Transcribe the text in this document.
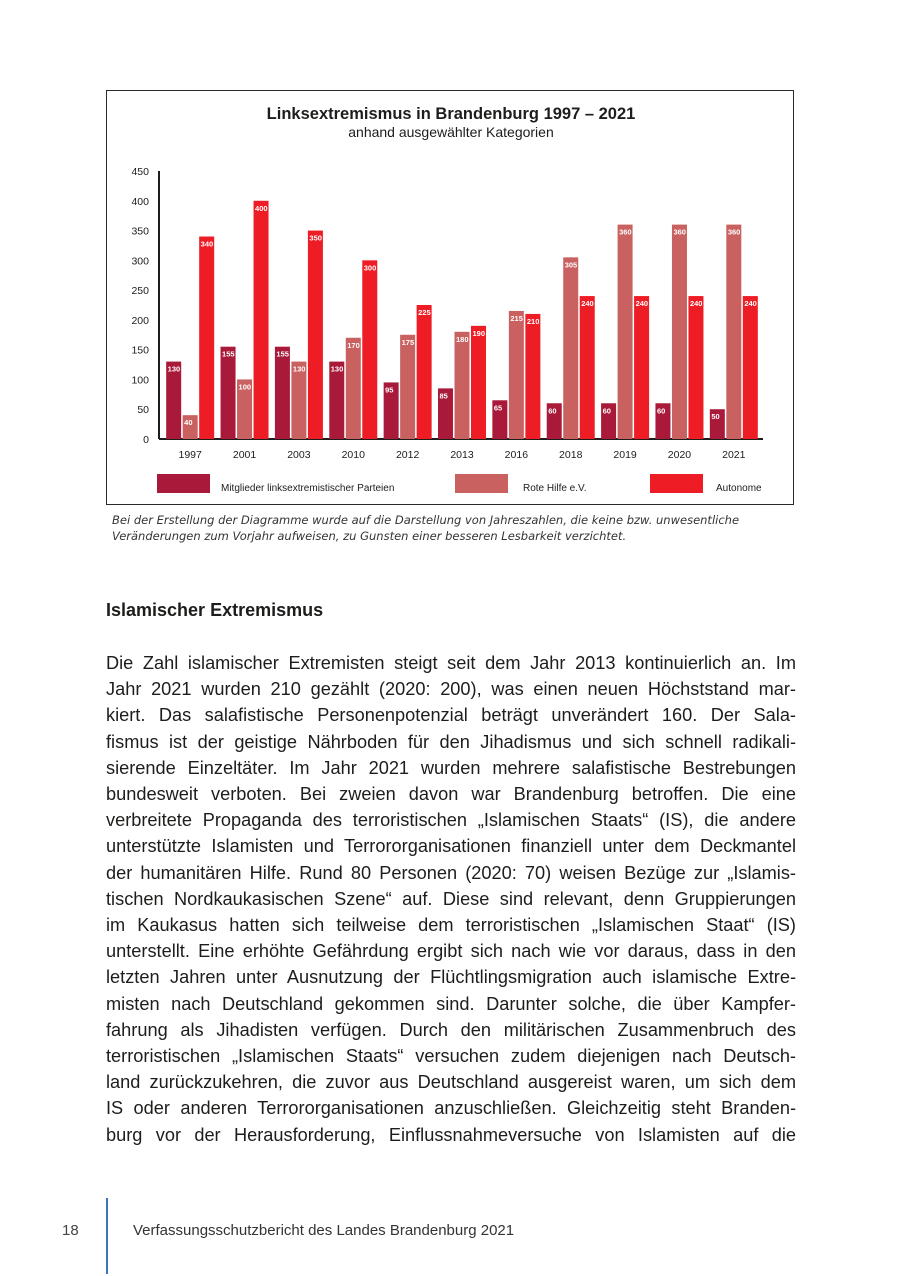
Linksextremismus in Brandenburg 1997 – 2021
anhand ausgewählter Kategorien
0
50
100
150
200
250
300
350
400
450
1997	2001	2003	2010	2012	2013	2016	2018	2019	2020	2021
130
40
340
155
100
400
155
130
350
130
170
300
95
175
225
85
180
190
65
215 210
60
305
240
60
360
240
60
360
240
50
360
240
Mitglieder linksextremistischer Parteien	Rote Hilfe e.V.	Autonome
Bei der Erstellung der Diagramme wurde auf die Darstellung von Jahreszahlen, die keine bzw. unwesentliche
Veränderungen zum Vorjahr aufweisen, zu Gunsten einer besseren Lesbarkeit verzichtet.
Islamischer Extremismus

Die Zahl islamischer Extremisten steigt seit dem Jahr 2013 kontinuierlich an. Im
Jahr 2021 wurden 210 gezählt (2020: 200), was einen neuen Höchststand mar-
kiert. Das salafistische Personenpotenzial beträgt unverändert 160. Der Sala-
fismus ist der geistige Nährboden für den Jihadismus und sich schnell radikali-
sierende Einzeltäter. Im Jahr 2021 wurden mehrere salafistische Bestrebungen
bundesweit verboten. Bei zweien davon war Brandenburg betroffen. Die eine
verbreitete Propaganda des terroristischen „Islamischen Staats“ (IS), die andere
unterstützte Islamisten und Terrororganisationen finanziell unter dem Deckmantel
der humanitären Hilfe. Rund 80 Personen (2020: 70) weisen Bezüge zur „Islamis-
tischen Nordkaukasischen Szene“ auf. Diese sind relevant, denn Gruppierungen
im Kaukasus hatten sich teilweise dem terroristischen „Islamischen Staat“ (IS)
unterstellt. Eine erhöhte Gefährdung ergibt sich nach wie vor daraus, dass in den
letzten Jahren unter Ausnutzung der Flüchtlingsmigration auch islamische Extre-
misten nach Deutschland gekommen sind. Darunter solche, die über Kampfer-
fahrung als Jihadisten verfügen. Durch den militärischen Zusammenbruch des
terroristischen „Islamischen Staats“ versuchen zudem diejenigen nach Deutsch-
land zurückzukehren, die zuvor aus Deutschland ausgereist waren, um sich dem
IS oder anderen Terrororganisationen anzuschließen. Gleichzeitig steht Branden-
burg vor der Herausforderung, Einflussnahmeversuche von Islamisten auf die

18	Verfassungsschutzbericht des Landes Brandenburg 2021
